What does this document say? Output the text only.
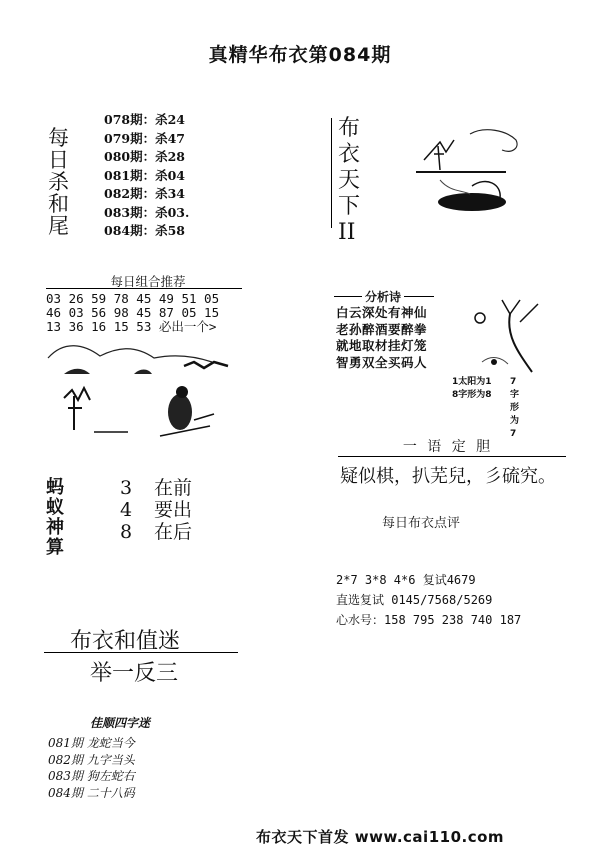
真精华布衣第084期
每
日
杀
和
尾
078期：杀24
079期：杀47
080期：杀28
081期：杀04
082期：杀34
083期：杀03.
084期：杀58
布
衣
天
下
II
每日组合推荐
03 26 59 78 45 49 51 05
46 03 56 98 45 87 05 15
13 36 16 15 53 必出一个>
分析诗
白云深处有神仙
老孙醉酒要醉拳
就地取材挂灯笼
智勇双全买码人
1太阳为1 7字形为7
8字形为8
一 语 定 胆
疑似棋，扒芜兒，彡硫究。
每日布衣点评
2*7 3*8 4*6 复试4679
直选复试 0145/7568/5269
心水号：158 795 238 740 187
蚂
蚁
神
算
3 在前
4 要出
8 在后
布衣和值迷
举一反三
佳顺四字迷
081期 龙蛇当今
082期 九字当头
083期 狗左蛇右
084期 二十八码
布衣天下首发 www.cai110.com
